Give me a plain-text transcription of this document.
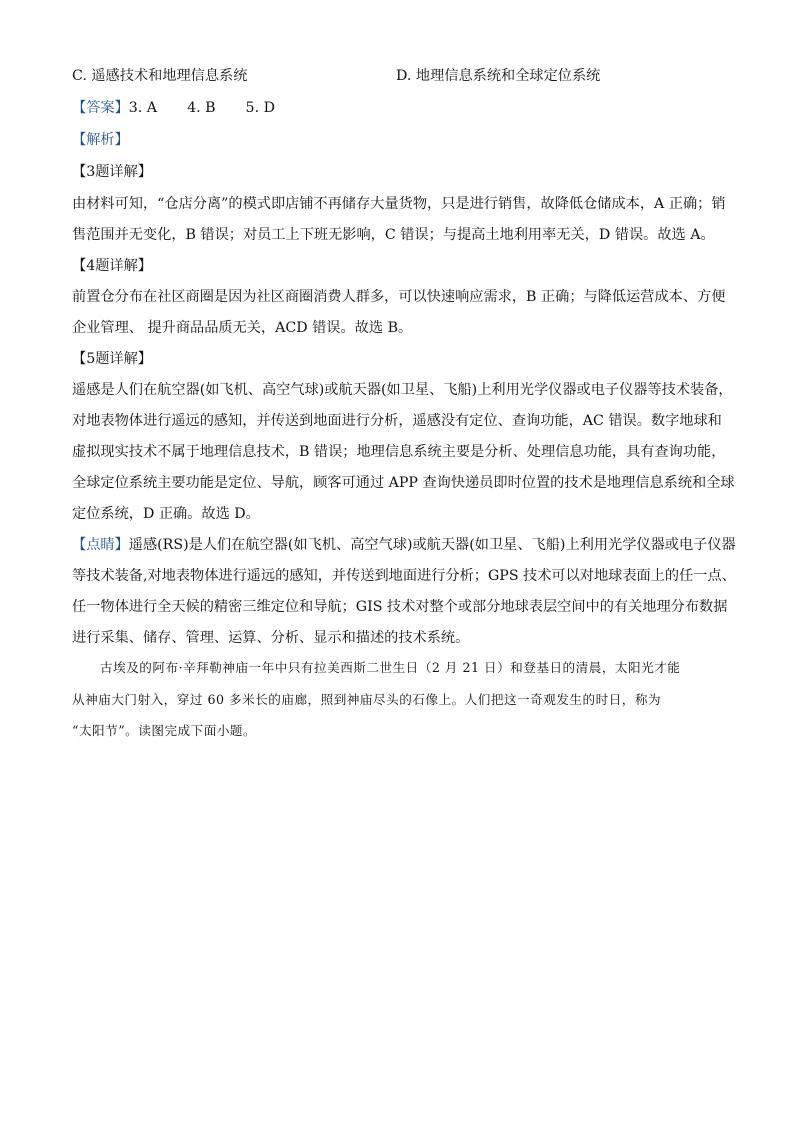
C. 遥感技术和地理信息系统	D. 地理信息系统和全球定位系统
【答案】3. A 4. B 5. D
【解析】
【3题详解】
由材料可知，“仓店分离”的模式即店铺不再储存大量货物，只是进行销售，故降低仓储成本，A 正确；销
售范围并无变化，B 错误；对员工上下班无影响，C 错误；与提高土地利用率无关，D 错误。故选 A。
【4题详解】
前置仓分布在社区商圈是因为社区商圈消费人群多，可以快速响应需求，B 正确；与降低运营成本、方便
企业管理、 提升商品品质无关，ACD 错误。故选 B。
【5题详解】
遥感是人们在航空器(如飞机、高空气球)或航天器(如卫星、飞船)上利用光学仪器或电子仪器等技术装备，
对地表物体进行遥远的感知，并传送到地面进行分析，遥感没有定位、查询功能，AC 错误。数字地球和
虚拟现实技术不属于地理信息技术，B 错误；地理信息系统主要是分析、处理信息功能，具有查询功能，
全球定位系统主要功能是定位、导航，顾客可通过 APP 查询快递员即时位置的技术是地理信息系统和全球
定位系统，D 正确。故选 D。
【点睛】遥感(RS)是人们在航空器(如飞机、高空气球)或航天器(如卫星、飞船)上利用光学仪器或电子仪器
等技术装备,对地表物体进行遥远的感知，并传送到地面进行分析；GPS 技术可以对地球表面上的任一点、
任一物体进行全天候的精密三维定位和导航；GIS 技术对整个或部分地球表层空间中的有关地理分布数据
进行采集、储存、管理、运算、分析、显示和描述的技术系统。
古埃及的阿布·辛拜勒神庙一年中只有拉美西斯二世生日（2 月 21 日）和登基日的清晨，太阳光才能
从神庙大门射入，穿过 60 多米长的庙廊，照到神庙尽头的石像上。人们把这一奇观发生的时日，称为
“太阳节”。读图完成下面小题。
